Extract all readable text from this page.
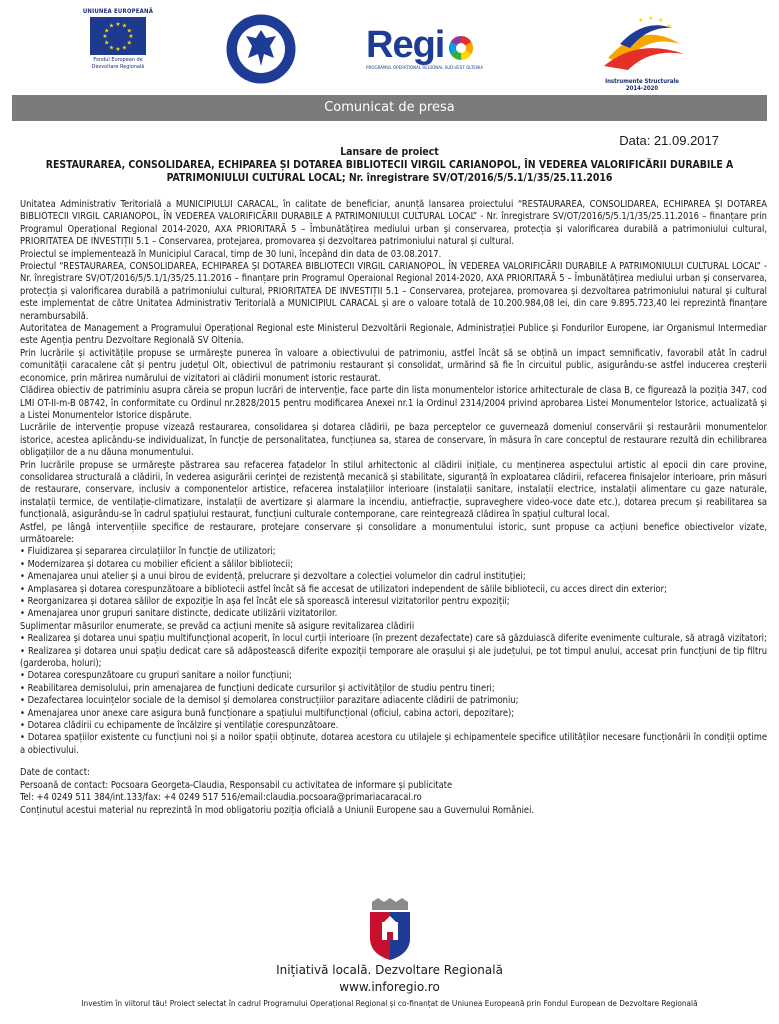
UNIUNEA EUROPEANĂ
★ ★
★
★
★
★
★
★
★
★
★
★
Fondul European de Dezvoltare Regională
Regi
PROGRAMUL OPERAȚIONAL REGIONAL SUD-VEST OLTENIA
★ ★ ★
★
Instrumente Structurale
2014-2020
Comunicat de presa
Data: 21.09.2017
Lansare de proiect
RESTAURAREA, CONSOLIDAREA, ECHIPAREA ȘI DOTAREA BIBLIOTECII VIRGIL CARIANOPOL, ÎN VEDEREA VALORIFICĂRII DURABILE A PATRIMONIULUI CULTURAL LOCAL; Nr. înregistrare SV/OT/2016/5/5.1/1/35/25.11.2016

Unitatea Administrativ Teritorială a MUNICIPIULUI CARACAL, în calitate de beneficiar, anunță lansarea proiectului “RESTAURAREA, CONSOLIDAREA, ECHIPAREA ȘI DOTAREA BIBLIOTECII VIRGIL CARIANOPOL, ÎN VEDEREA VALORIFICĂRII DURABILE A PATRIMONIULUI CULTURAL LOCAL” - Nr. înregistrare SV/OT/2016/5/5.1/1/35/25.11.2016 – finanțare prin Programul Operațional Regional 2014-2020, AXA PRIORITARĂ 5 – Îmbunătățirea mediului urban și conservarea, protecția și valorificarea durabilă a patrimoniului cultural, PRIORITATEA DE INVESTIȚII 5.1 – Conservarea, protejarea, promovarea și dezvoltarea patrimoniului natural și cultural.

Proiectul se implementează în Municipiul Caracal, timp de 30 luni, începând din data de 03.08.2017.

Proiectul “RESTAURAREA, CONSOLIDAREA, ECHIPAREA ȘI DOTAREA BIBLIOTECII VIRGIL CARIANOPOL, ÎN VEDEREA VALORIFICĂRII DURABILE A PATRIMONIULUI CULTURAL LOCAL” - Nr. înregistrare SV/OT/2016/5/5.1/1/35/25.11.2016 – finanțare prin Programul Operaional Regional 2014-2020, AXA PRIORITARĂ 5 – Îmbunătățirea mediului urban și conservarea, protecția și valorificarea durabilă a patrimoniului cultural, PRIORITATEA DE INVESTIȚII 5.1 – Conservarea, protejarea, promovarea și dezvoltarea patrimoniului natural și cultural este implementat de către Unitatea Administrativ Teritorială a MUNICIPIUL CARACAL și are o valoare totală de 10.200.984,08 lei, din care 9.895.723,40 lei reprezintă finanțare nerambursabilă.

Autoritatea de Management a Programului Operațional Regional este Ministerul Dezvoltării Regionale, Administrației Publice și Fondurilor Europene, iar Organismul Intermediar este Agenția pentru Dezvoltare Regională SV Oltenia.

Prin lucrările și activitățile propuse se urmărește punerea în valoare a obiectivului de patrimoniu, astfel încât să se obțină un impact semnificativ, favorabil atât în cadrul comunității caracalene cât și pentru județul Olt, obiectivul de patrimoniu restaurant și consolidat, urmărind să fie în circuitul public, asigurându-se astfel inducerea creșterii economice, prin mărirea numărului de vizitatori ai clădirii monument istoric restaurat.

Clădirea obiectiv de patriminiu asupra căreia se propun lucrări de intervenție, face parte din lista monumentelor istorice arhitecturale de clasa B, ce figurează la poziția 347, cod LMI OT-II-m-B 08742, în conformitate cu Ordinul nr.2828/2015 pentru modificarea Anexei nr.1 la Ordinul 2314/2004 privind aprobarea Listei Monumentelor Istorice, actualizată și a Listei Monumentelor Istorice dispărute.

Lucrările de intervenție propuse vizează restaurarea, consolidarea și dotarea clădirii, pe baza perceptelor ce guvernează domeniul conservării și restaurării monumentelor istorice, acestea aplicându-se individualizat, în funcție de personalitatea, funcțiunea sa, starea de conservare, în măsura în care conceptul de restaurare rezultă din echilibrarea obligațiilor de a nu dăuna monumentului.

Prin lucrările propuse se urmărește păstrarea sau refacerea fațadelor în stilul arhitectonic al clădirii inițiale, cu menținerea aspectului artistic al epocii din care provine, consolidarea structurală a clădirii, în vederea asigurării cerinței de rezistență mecanică și stabilitate, siguranță în exploatarea clădirii, refacerea finisajelor interioare, prin măsuri de restaurare, conservare, inclusiv a componentelor artistice, refacerea instalațiilor interioare (instalații sanitare, instalații electrice, instalații alimentare cu gaze naturale, instalații termice, de ventilație-climatizare, instalații de avertizare și alarmare la incendiu, antiefracție, supraveghere video-voce date etc.), dotarea precum și reabilitarea sa funcțională, asigurându-se în cadrul spațiului restaurat, funcțiuni culturale contemporane, care reintegrează clădirea în spațiul cultural local.

Astfel, pe lângă intervențiile specifice de restaurare, protejare conservare și consolidare a monumentului istoric, sunt propuse ca acțiuni benefice obiectivelor vizate, următoarele:

• Fluidizarea și separarea circulațiilor în funcție de utilizatori;
• Modernizarea și dotarea cu mobilier eficient a sălilor bibliotecii;
• Amenajarea unui atelier și a unui birou de evidență, prelucrare și dezvoltare a colecției volumelor din cadrul instituției;
• Amplasarea și dotarea corespunzătoare a bibliotecii astfel încât să fie accesat de utilizatori independent de sălile bibliotecii, cu acces direct din exterior;
• Reorganizarea și dotarea sălilor de expoziție în așa fel încât ele să sporească interesul vizitatorilor pentru expoziții;
• Amenajarea unor grupuri sanitare distincte, dedicate utilizării vizitatorilor.

Suplimentar măsurilor enumerate, se prevăd ca acțiuni menite să asigure revitalizarea clădirii

• Realizarea și dotarea unui spațiu multifuncțional acoperit, în locul curții interioare (în prezent dezafectate) care să găzduiască diferite evenimente culturale, să atragă vizitatori;
• Realizarea și dotarea unui spațiu dedicat care să adăpostească diferite expoziții temporare ale orașului și ale județului, pe tot timpul anului, accesat prin funcțiuni de tip filtru (garderoba, holuri);
• Dotarea corespunzătoare cu grupuri sanitare a noilor funcțiuni;
• Reabilitarea demisolului, prin amenajarea de funcțiuni dedicate cursurilor și activităților de studiu pentru tineri;
• Dezafectarea locuințelor sociale de la demisol și demolarea construcțiilor parazitare adiacente clădirii de patrimoniu;
• Amenajarea unor anexe care asigura bună funcționare a spațiului multifuncțional (oficiul, cabina actori, depozitare);
• Dotarea clădirii cu echipamente de încălzire și ventilație corespunzătoare.
• Dotarea spațiilor existente cu funcțiuni noi și a noilor spații obținute, dotarea acestora cu utilajele și echipamentele specifice utilităților necesare funcționării în condiții optime a obiectivului.

Date de contact:

Persoană de contact: Pocsoara Georgeta-Claudia, Responsabil cu activitatea de informare și publicitate

Tel: +4 0249 511 384/int.133/fax: +4 0249 517 516/email:claudia.pocsoara@primariacaracal.ro

Conținutul acestui material nu reprezintă în mod obligatoriu poziția oficială a Uniunii Europene sau a Guvernului României.

Inițiativă locală. Dezvoltare Regională
www.inforegio.ro
Investim în viitorul tău! Proiect selectat în cadrul Programului Operațional Regional și co-finanțat de Uniunea Europeană prin Fondul European de Dezvoltare Regională
